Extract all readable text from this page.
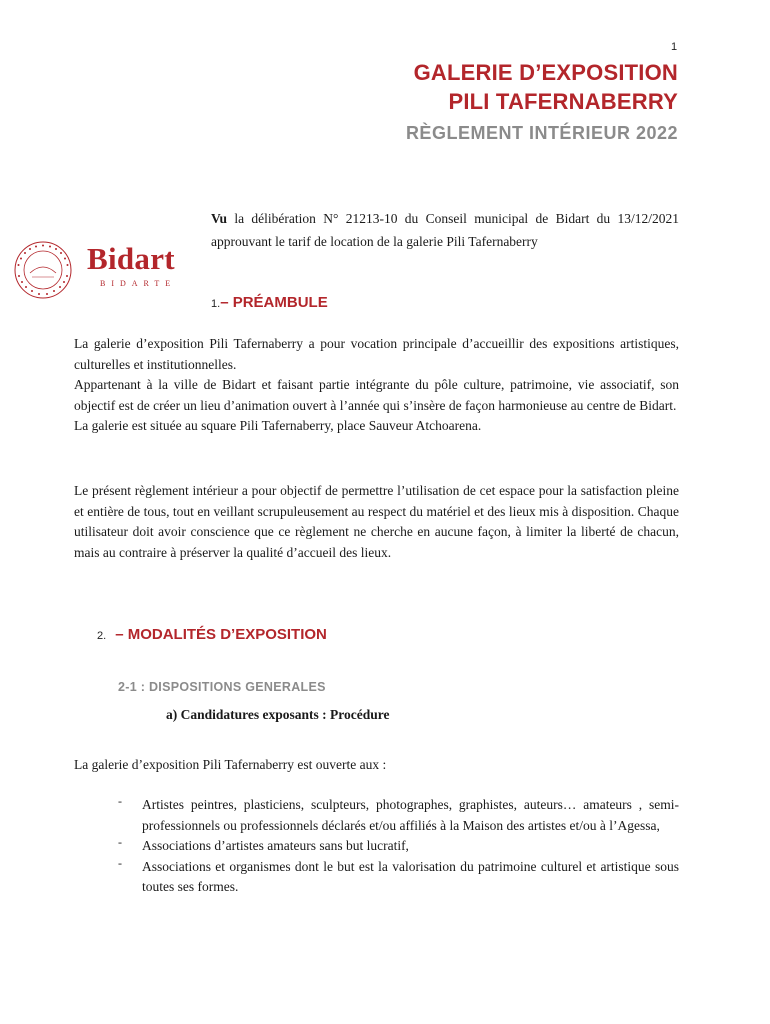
1
GALERIE D’EXPOSITION
PILI TAFERNABERRY
RÈGLEMENT INTÉRIEUR 2022
Vu la délibération N° 21213-10 du Conseil municipal de Bidart du 13/12/2021 approuvant le tarif de location de la galerie Pili Tafernaberry
Bidart
BIDARTE
1.– PRÉAMBULE

La galerie d’exposition Pili Tafernaberry a pour vocation principale d’accueillir des expositions artistiques, culturelles et institutionnelles.

Appartenant à la ville de Bidart et faisant partie intégrante du pôle culture, patrimoine, vie associatif, son objectif est de créer un lieu d’animation ouvert à l’année qui s’insère de façon harmonieuse au centre de Bidart.

La galerie est située au square Pili Tafernaberry, place Sauveur Atchoarena.

Le présent règlement intérieur a pour objectif de permettre l’utilisation de cet espace pour la satisfaction pleine et entière de tous, tout en veillant scrupuleusement au respect du matériel et des lieux mis à disposition. Chaque utilisateur doit avoir conscience que ce règlement ne cherche en aucune façon, à limiter la liberté de chacun, mais au contraire à préserver la qualité d’accueil des lieux.
2. – MODALITÉS D’EXPOSITION
2-1 : DISPOSITIONS GENERALES
a) Candidatures exposants : Procédure
La galerie d’exposition Pili Tafernaberry est ouverte aux :
- Artistes peintres, plasticiens, sculpteurs, photographes, graphistes, auteurs… amateurs , semi-professionnels ou professionnels déclarés et/ou affiliés à la Maison des artistes et/ou à l’Agessa,
- Associations d’artistes amateurs sans but lucratif,
- Associations et organismes dont le but est la valorisation du patrimoine culturel et artistique sous toutes ses formes.
